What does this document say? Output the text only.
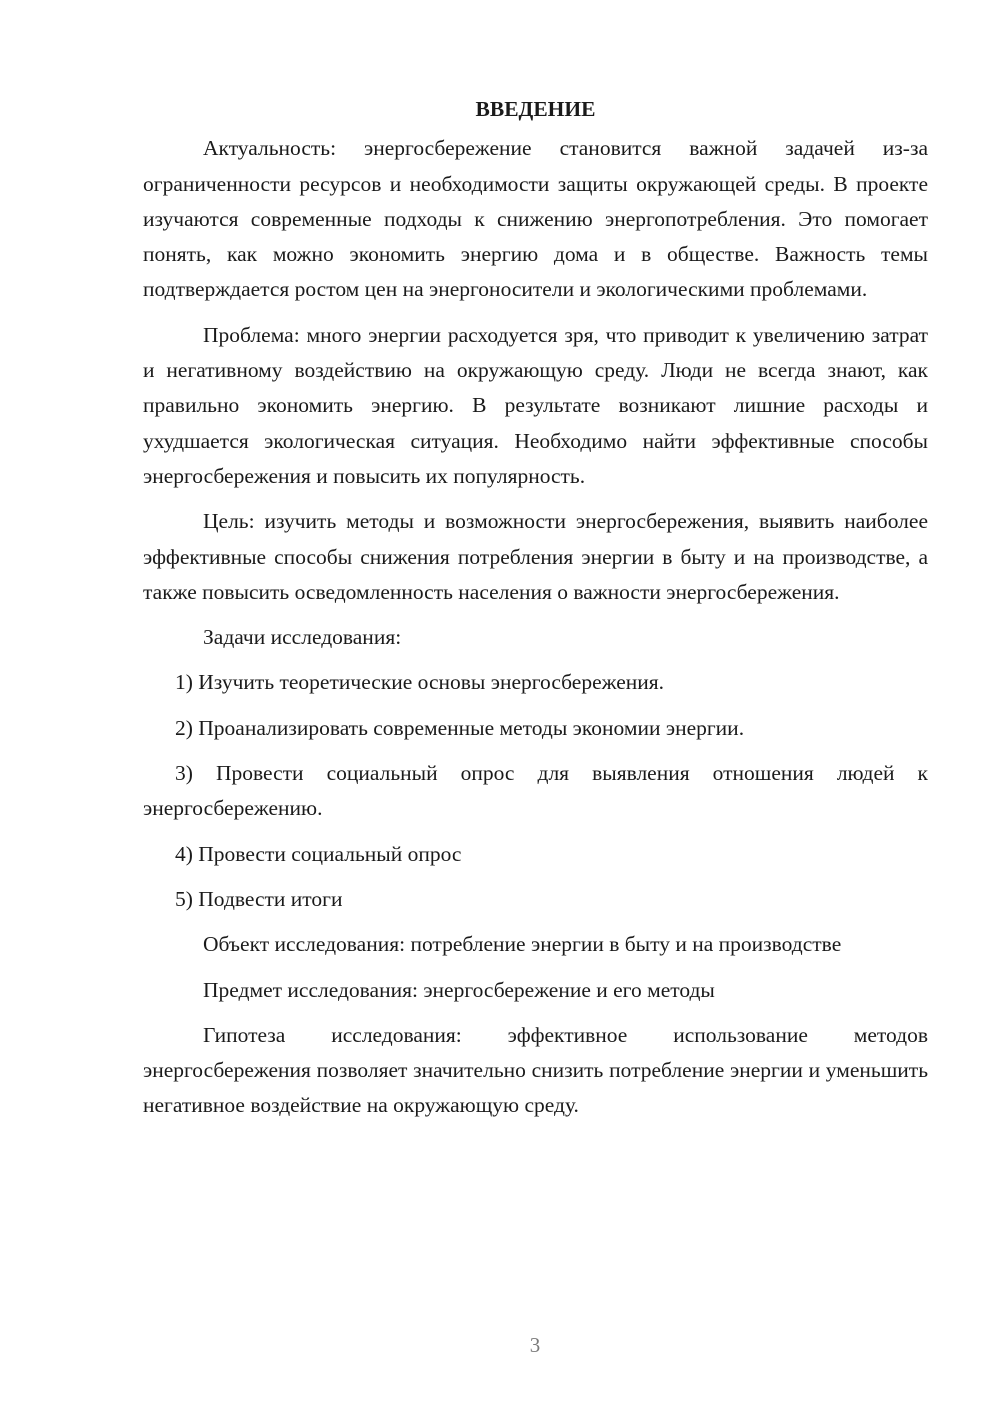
ВВЕДЕНИЕ

Актуальность: энергосбережение становится важной задачей из-за ограниченности ресурсов и необходимости защиты окружающей среды. В проекте изучаются современные подходы к снижению энергопотребления. Это помогает понять, как можно экономить энергию дома и в обществе. Важность темы подтверждается ростом цен на энергоносители и экологическими проблемами.

Проблема: много энергии расходуется зря, что приводит к увеличению затрат и негативному воздействию на окружающую среду. Люди не всегда знают, как правильно экономить энергию. В результате возникают лишние расходы и ухудшается экологическая ситуация. Необходимо найти эффективные способы энергосбережения и повысить их популярность.

Цель: изучить методы и возможности энергосбережения, выявить наиболее эффективные способы снижения потребления энергии в быту и на производстве, а также повысить осведомленность населения о важности энергосбережения.

Задачи исследования:

1) Изучить теоретические основы энергосбережения.

2) Проанализировать современные методы экономии энергии.

3) Провести социальный опрос для выявления отношения людей к энергосбережению.

4) Провести социальный опрос

5) Подвести итоги

Объект исследования: потребление энергии в быту и на производстве

Предмет исследования: энергосбережение и его методы

Гипотеза исследования: эффективное использование методов энергосбережения позволяет значительно снизить потребление энергии и уменьшить негативное воздействие на окружающую среду.

3
